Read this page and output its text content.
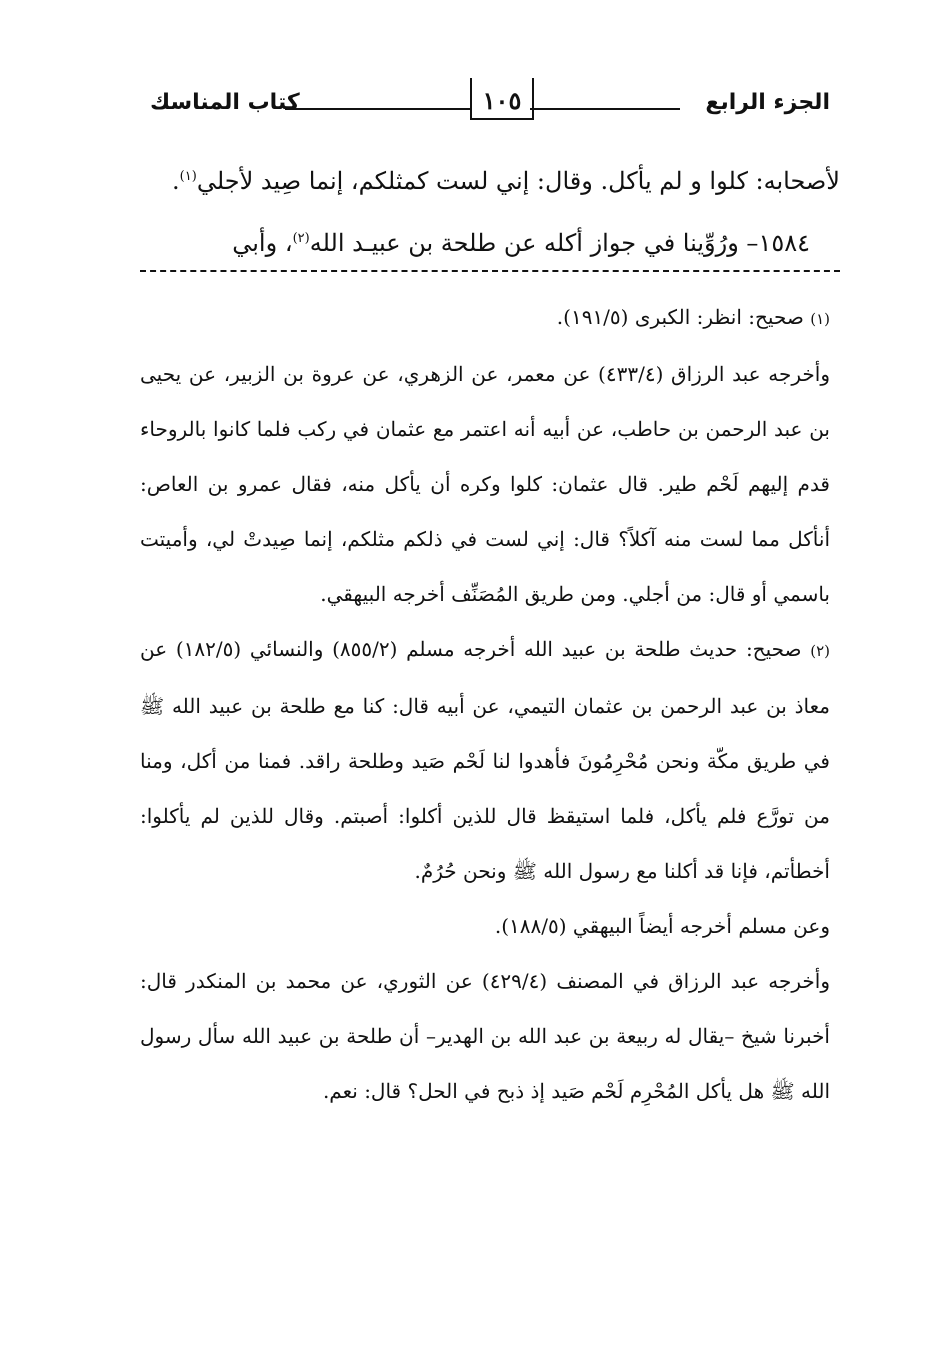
الجزء الرابع
١٠٥
كتاب المناسك

لأصحابه: كلوا و لم يأكل. وقال: إني لست كمثلكم، إنما صِيد لأجلي$^{(١)}$.

١٥٨٤– ورُوِّينا في جواز أكله عن طلحة بن عبيـد الله$^{(٢)}$، وأبي

(١) صحيح: انظر: الكبرى (١٩١/٥).

وأخرجه عبد الرزاق (٤٣٣/٤) عن معمر، عن الزهري، عن عروة بن الزبير، عن يحيى بن عبد الرحمن بن حاطب، عن أبيه أنه اعتمر مع عثمان في ركب فلما كانوا بالروحاء قدم إليهم لَحْم طير. قال عثمان: كلوا وكره أن يأكل منه، فقال عمرو بن العاص: أنأكل مما لست منه آكلاً؟ قال: إني لست في ذلكم مثلكم، إنما صِيدتْ لي، وأميتت باسمي أو قال: من أجلي. ومن طريق المُصَنِّف أخرجه البيهقي.

(٢) صحيح: حديث طلحة بن عبيد الله أخرجه مسلم (٨٥٥/٢) والنسائي (١٨٢/٥) عن معاذ بن عبد الرحمن بن عثمان التيمي، عن أبيه قال: كنا مع طلحة بن عبيد الله ﷺ في طريق مكّة ونحن مُحْرِمُونَ فأهدوا لنا لَحْم صَيد وطلحة راقد. فمنا من أكل، ومنا من تورَّع فلم يأكل، فلما استيقظ قال للذين أكلوا: أصبتم. وقال للذين لم يأكلوا: أخطأتم، فإنا قد أكلنا مع رسول الله ﷺ ونحن حُرُمٌ.

وعن مسلم أخرجه أيضاً البيهقي (١٨٨/٥).

وأخرجه عبد الرزاق في المصنف (٤٢٩/٤) عن الثوري، عن محمد بن المنكدر قال: أخبرنا شيخ –يقال له ربيعة بن عبد الله بن الهدير– أن طلحة بن عبيد الله سأل رسول الله ﷺ هل يأكل المُحْرِم لَحْم صَيد إذ ذبح في الحل؟ قال: نعم.
